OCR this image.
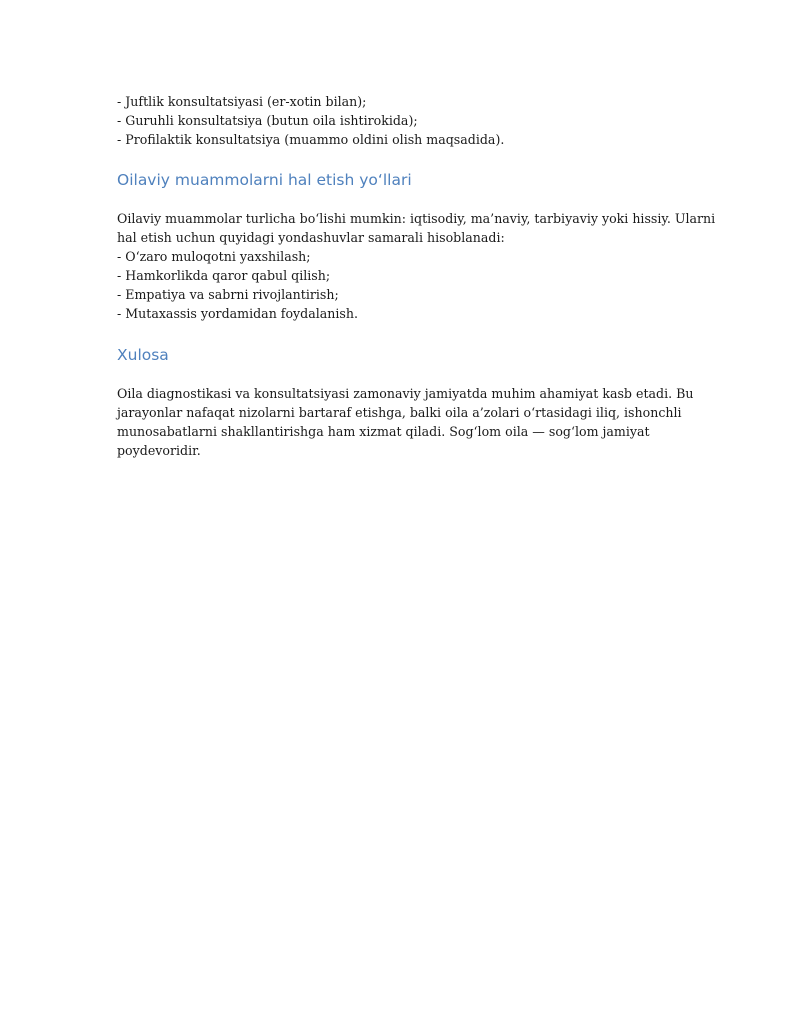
- Juftlik konsultatsiyasi (er-xotin bilan);
- Guruhli konsultatsiya (butun oila ishtirokida);
- Profilaktik konsultatsiya (muammo oldini olish maqsadida).
Oilaviy muammolarni hal etish yo‘llari
Oilaviy muammolar turlicha bo‘lishi mumkin: iqtisodiy, ma’naviy, tarbiyaviy yoki hissiy. Ularni
hal etish uchun quyidagi yondashuvlar samarali hisoblanadi:
- O‘zaro muloqotni yaxshilash;
- Hamkorlikda qaror qabul qilish;
- Empatiya va sabrni rivojlantirish;
- Mutaxassis yordamidan foydalanish.
Xulosa
Oila diagnostikasi va konsultatsiyasi zamonaviy jamiyatda muhim ahamiyat kasb etadi. Bu
jarayonlar nafaqat nizolarni bartaraf etishga, balki oila a’zolari o‘rtasidagi iliq, ishonchli
munosabatlarni shakllantirishga ham xizmat qiladi. Sog‘lom oila — sog‘lom jamiyat
poydevoridir.
